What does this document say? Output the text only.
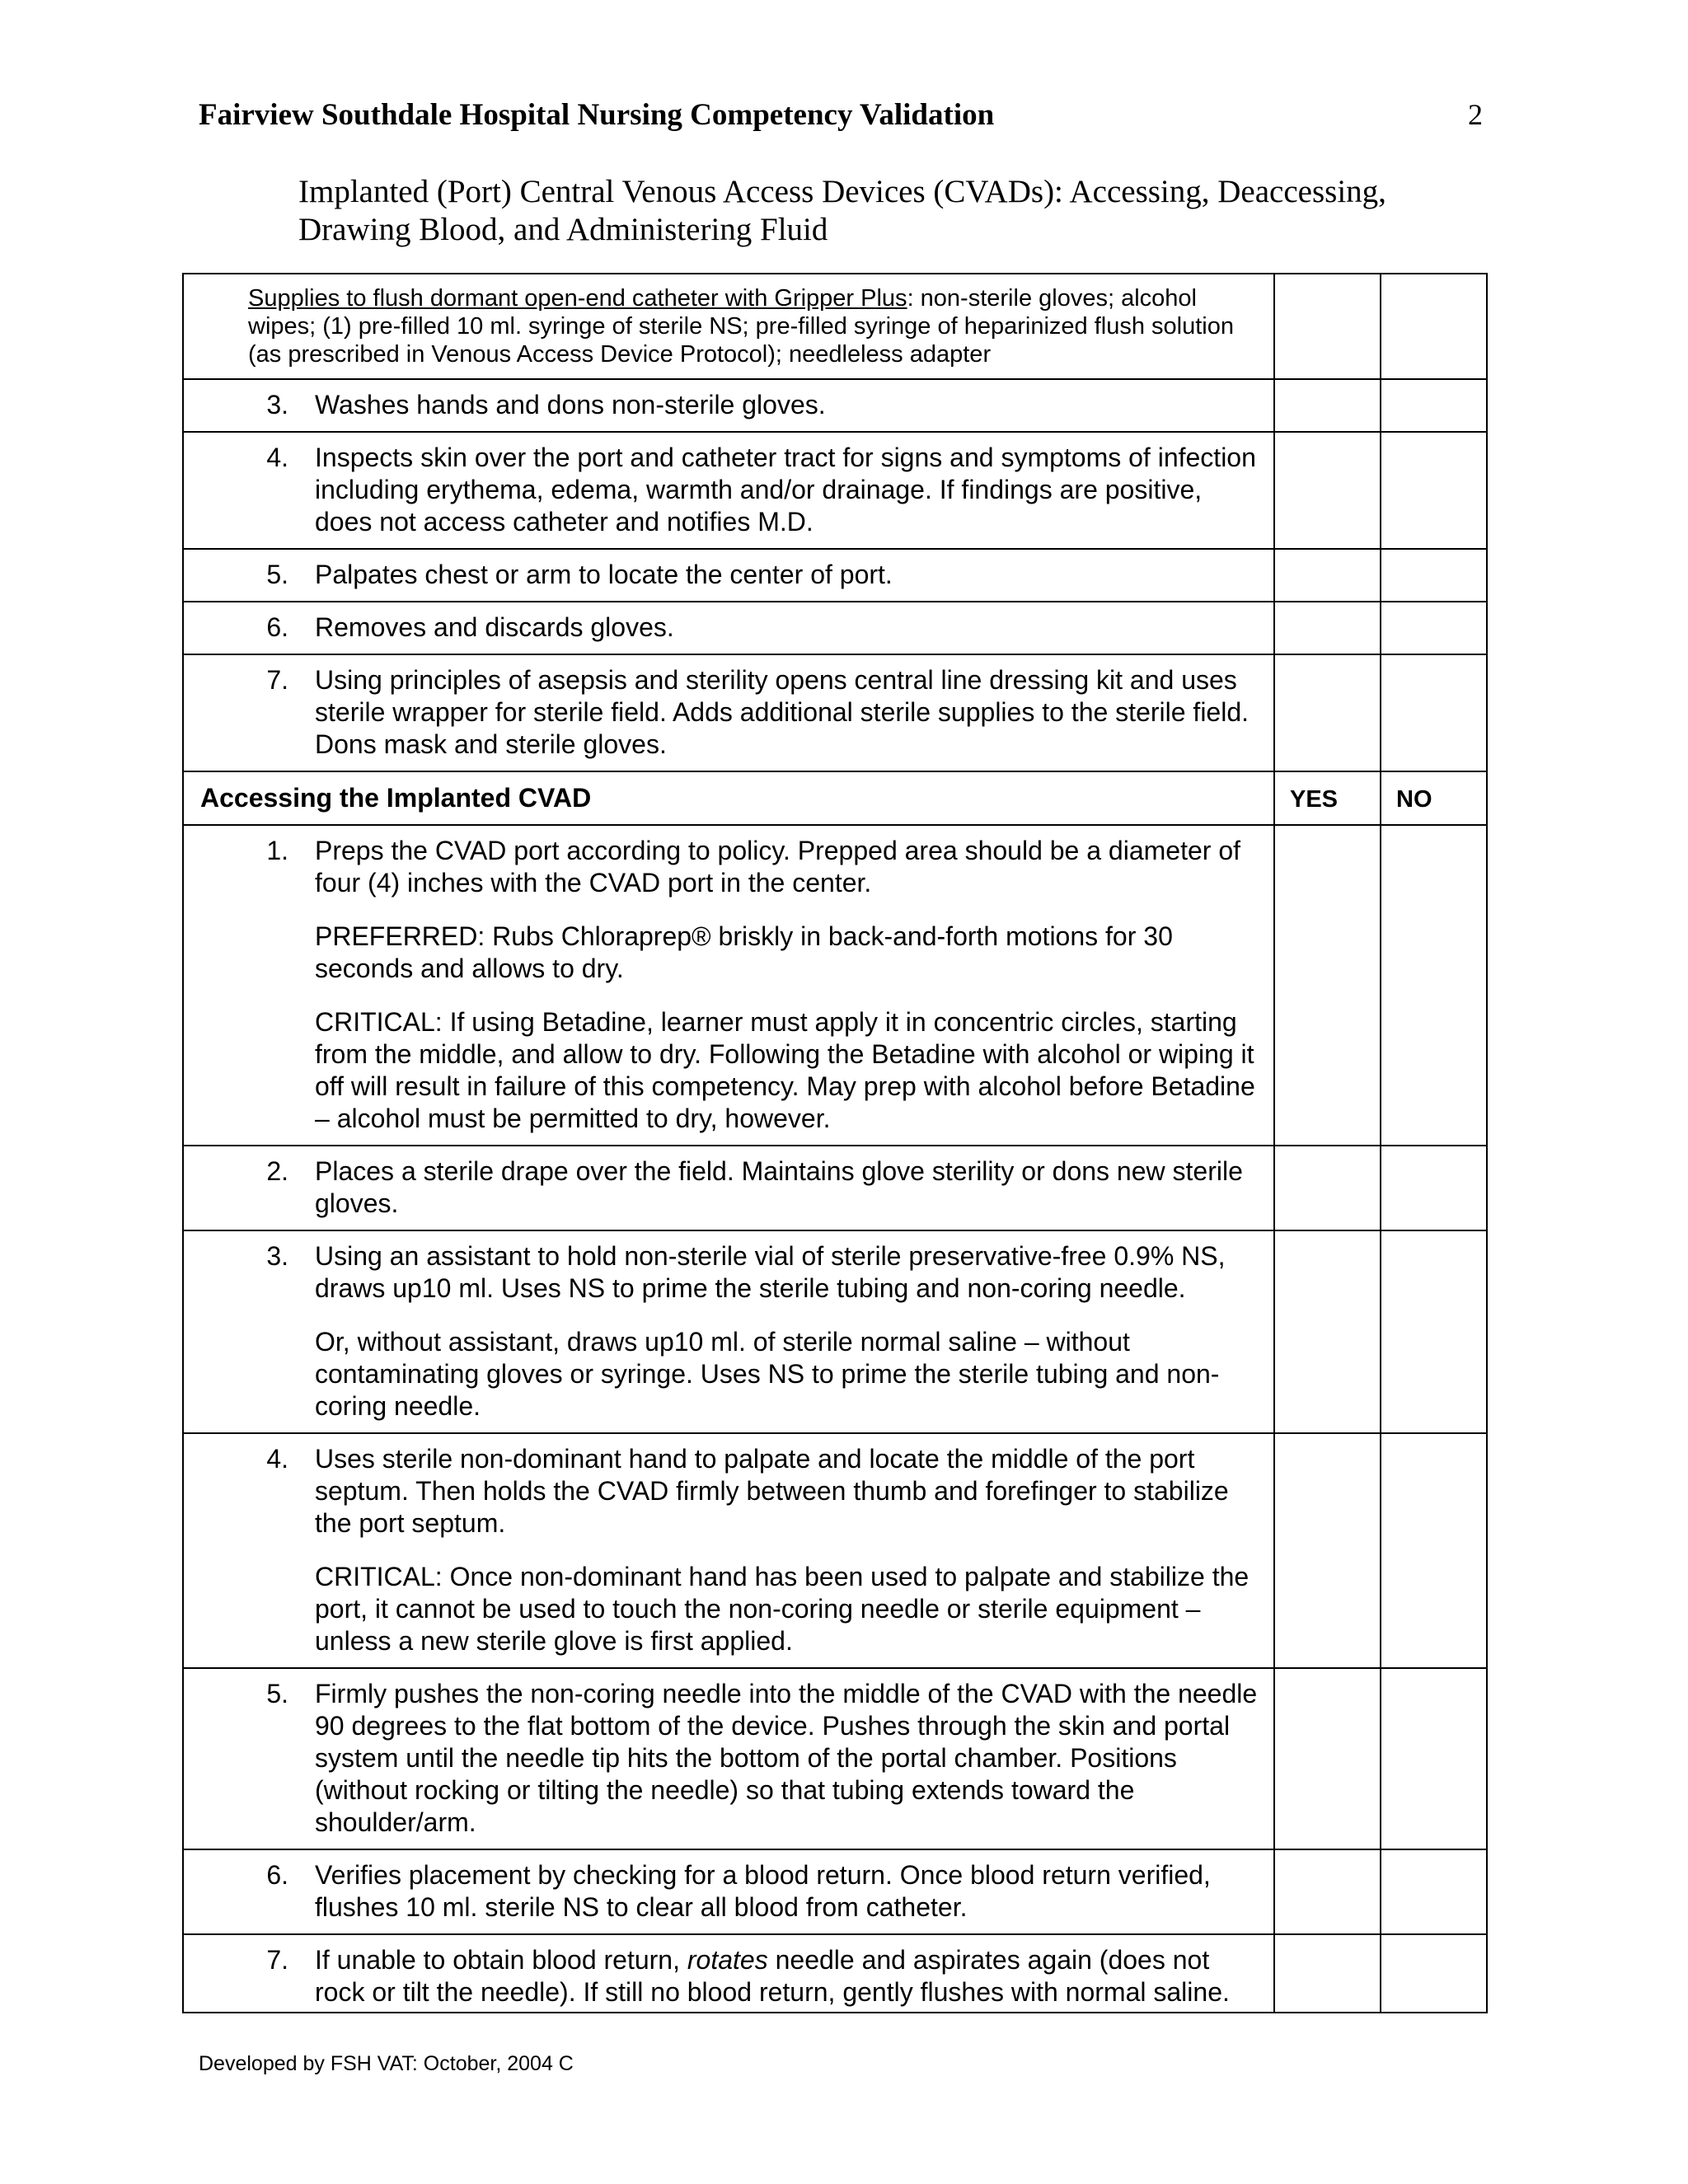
Fairview Southdale Hospital Nursing Competency Validation	2
Implanted (Port) Central Venous Access Devices (CVADs): Accessing, Deaccessing, Drawing Blood, and Administering Fluid
Supplies to flush dormant open-end catheter with Gripper Plus: non-sterile gloves; alcohol wipes; (1) pre-filled 10 ml. syringe of sterile NS; pre-filled syringe of heparinized flush solution (as prescribed in Venous Access Device Protocol); needleless adapter		

3. Washes hands and dons non-sterile gloves.		

4. Inspects skin over the port and catheter tract for signs and symptoms of infection including erythema, edema, warmth and/or drainage. If findings are positive, does not access catheter and notifies M.D.		

5. Palpates chest or arm to locate the center of port.		

6. Removes and discards gloves.		

7. Using principles of asepsis and sterility opens central line dressing kit and uses sterile wrapper for sterile field. Adds additional sterile supplies to the sterile field. Dons mask and sterile gloves.		

Accessing the Implanted CVAD	YES	NO

1. Preps the CVAD port according to policy. Prepped area should be a diameter of four (4) inches with the CVAD port in the center.

PREFERRED: Rubs Chloraprep® briskly in back-and-forth motions for 30 seconds and allows to dry.

CRITICAL: If using Betadine, learner must apply it in concentric circles, starting from the middle, and allow to dry. Following the Betadine with alcohol or wiping it off will result in failure of this competency. May prep with alcohol before Betadine – alcohol must be permitted to dry, however.		

2. Places a sterile drape over the field. Maintains glove sterility or dons new sterile gloves.		

3. Using an assistant to hold non-sterile vial of sterile preservative-free 0.9% NS, draws up10 ml. Uses NS to prime the sterile tubing and non-coring needle.

Or, without assistant, draws up10 ml. of sterile normal saline – without contaminating gloves or syringe. Uses NS to prime the sterile tubing and non-coring needle.		

4. Uses sterile non-dominant hand to palpate and locate the middle of the port septum. Then holds the CVAD firmly between thumb and forefinger to stabilize the port septum.

CRITICAL: Once non-dominant hand has been used to palpate and stabilize the port, it cannot be used to touch the non-coring needle or sterile equipment – unless a new sterile glove is first applied.		

5. Firmly pushes the non-coring needle into the middle of the CVAD with the needle 90 degrees to the flat bottom of the device. Pushes through the skin and portal system until the needle tip hits the bottom of the portal chamber. Positions (without rocking or tilting the needle) so that tubing extends toward the shoulder/arm.		

6. Verifies placement by checking for a blood return. Once blood return verified, flushes 10 ml. sterile NS to clear all blood from catheter.		

7. If unable to obtain blood return, rotates needle and aspirates again (does not rock or tilt the needle). If still no blood return, gently flushes with normal saline.		

Developed by FSH VAT: October, 2004 C
